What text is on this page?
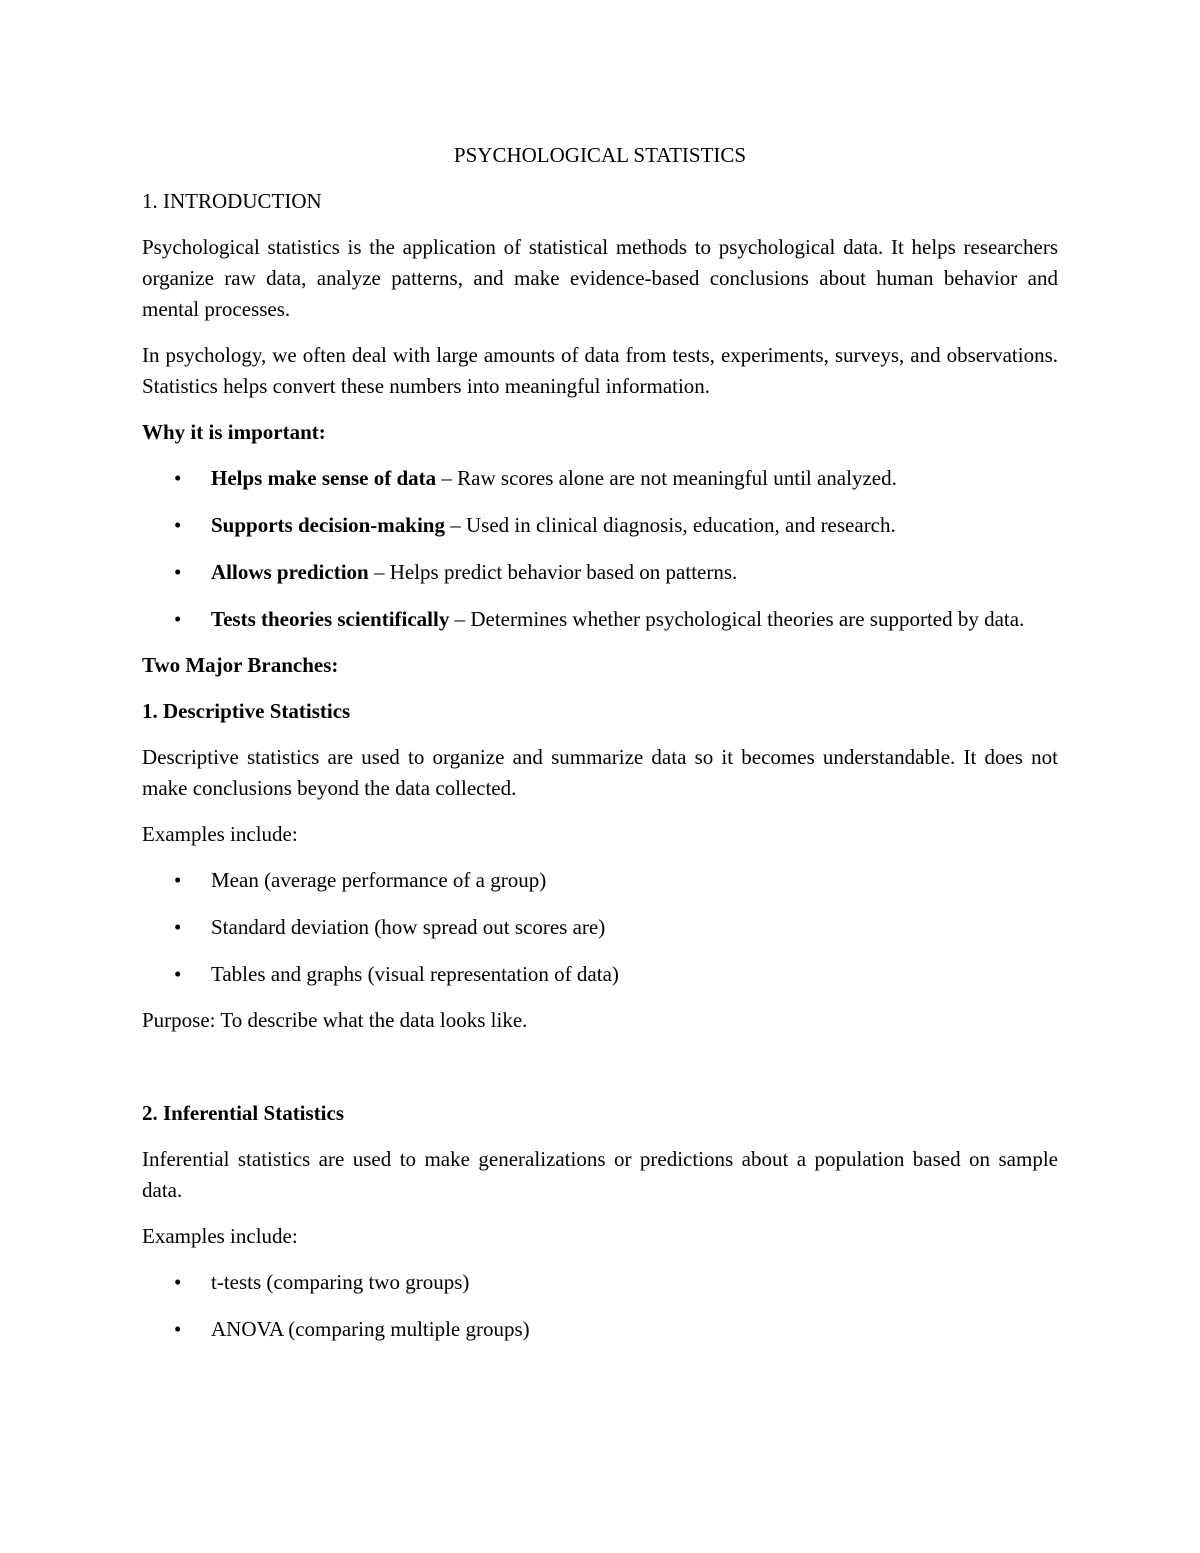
PSYCHOLOGICAL STATISTICS
1. INTRODUCTION

Psychological statistics is the application of statistical methods to psychological data. It helps researchers organize raw data, analyze patterns, and make evidence-based conclusions about human behavior and mental processes.

In psychology, we often deal with large amounts of data from tests, experiments, surveys, and observations. Statistics helps convert these numbers into meaningful information.

Why it is important:
• Helps make sense of data – Raw scores alone are not meaningful until analyzed.
• Supports decision-making – Used in clinical diagnosis, education, and research.
• Allows prediction – Helps predict behavior based on patterns.
• Tests theories scientifically – Determines whether psychological theories are supported by data.
Two Major Branches:
1. Descriptive Statistics

Descriptive statistics are used to organize and summarize data so it becomes understandable. It does not make conclusions beyond the data collected.

Examples include:

• Mean (average performance of a group)
• Standard deviation (how spread out scores are)
• Tables and graphs (visual representation of data)

Purpose: To describe what the data looks like.

2. Inferential Statistics

Inferential statistics are used to make generalizations or predictions about a population based on sample data.

Examples include:

• t-tests (comparing two groups)
• ANOVA (comparing multiple groups)
